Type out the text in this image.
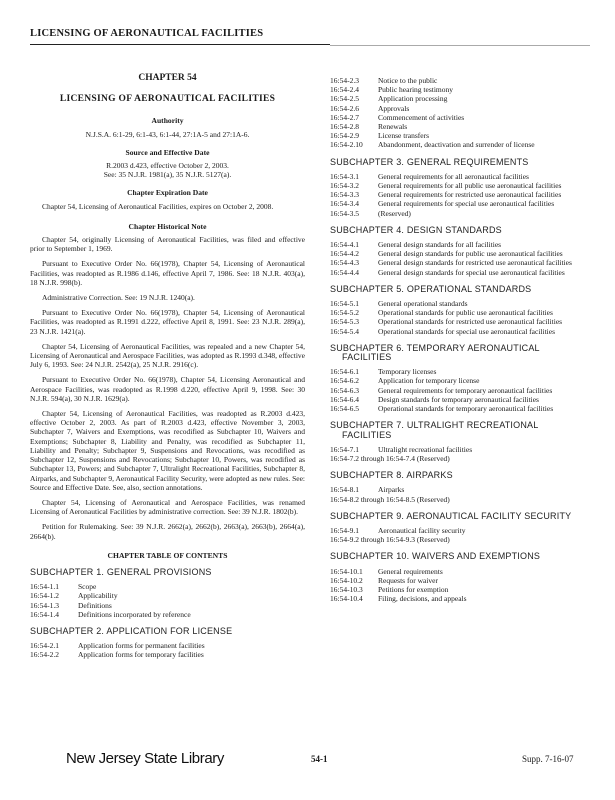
LICENSING OF AERONAUTICAL FACILITIES

CHAPTER 54

LICENSING OF AERONAUTICAL FACILITIES

Authority

N.J.S.A. 6:1-29, 6:1-43, 6:1-44, 27:1A-5 and 27:1A-6.

Source and Effective Date

R.2003 d.423, effective October 2, 2003.

See: 35 N.J.R. 1981(a), 35 N.J.R. 5127(a).

Chapter Expiration Date

Chapter 54, Licensing of Aeronautical Facilities, expires on October 2, 2008.

Chapter Historical Note

Chapter 54, originally Licensing of Aeronautical Facilities, was filed and effective prior to September 1, 1969.

Pursuant to Executive Order No. 66(1978), Chapter 54, Licensing of Aeronautical Facilities, was readopted as R.1986 d.146, effective April 7, 1986. See: 18 N.J.R. 403(a), 18 N.J.R. 998(b).

Administrative Correction. See: 19 N.J.R. 1240(a).

Pursuant to Executive Order No. 66(1978), Chapter 54, Licensing of Aeronautical Facilities, was readopted as R.1991 d.222, effective April 8, 1991. See: 23 N.J.R. 289(a), 23 N.J.R. 1421(a).

Chapter 54, Licensing of Aeronautical Facilities, was repealed and a new Chapter 54, Licensing of Aeronautical and Aerospace Facilities, was adopted as R.1993 d.348, effective July 6, 1993. See: 24 N.J.R. 2542(a), 25 N.J.R. 2916(c).

Pursuant to Executive Order No. 66(1978), Chapter 54, Licensing Aeronautical and Aerospace Facilities, was readopted as R.1998 d.220, effective April 9, 1998. See: 30 N.J.R. 594(a), 30 N.J.R. 1629(a).

Chapter 54, Licensing of Aeronautical Facilities, was readopted as R.2003 d.423, effective October 2, 2003. As part of R.2003 d.423, effective November 3, 2003, Subchapter 7, Waivers and Exemptions, was recodified as Subchapter 10, Waivers and Exemptions; Subchapter 8, Liability and Penalty, was recodified as Subchapter 11, Liability and Penalty; Subchapter 9, Suspensions and Revocations, was recodified as Subchapter 12, Suspensions and Revocations; Subchapter 10, Powers, was recodified as Subchapter 13, Powers; and Subchapter 7, Ultralight Recreational Facilities, Subchapter 8, Airparks, and Subchapter 9, Aeronautical Facility Security, were adopted as new rules. See: Source and Effective Date. See, also, section annotations.

Chapter 54, Licensing of Aeronautical and Aerospace Facilities, was renamed Licensing of Aeronautical Facilities by administrative correction. See: 39 N.J.R. 1802(b).

Petition for Rulemaking. See: 39 N.J.R. 2662(a), 2662(b), 2663(a), 2663(b), 2664(a), 2664(b).

CHAPTER TABLE OF CONTENTS

SUBCHAPTER 1. GENERAL PROVISIONS

16:54-1.1	Scope
16:54-1.2	Applicability
16:54-1.3	Definitions
16:54-1.4	Definitions incorporated by reference

SUBCHAPTER 2. APPLICATION FOR LICENSE

16:54-2.1	Application forms for permanent facilities
16:54-2.2	Application forms for temporary facilities
16:54-2.3	Notice to the public
16:54-2.4	Public hearing testimony
16:54-2.5	Application processing
16:54-2.6	Approvals
16:54-2.7	Commencement of activities
16:54-2.8	Renewals
16:54-2.9	License transfers
16:54-2.10	Abandonment, deactivation and surrender of license

SUBCHAPTER 3. GENERAL REQUIREMENTS

16:54-3.1	General requirements for all aeronautical facilities
16:54-3.2	General requirements for all public use aeronautical facilities
16:54-3.3	General requirements for restricted use aeronautical facilities
16:54-3.4	General requirements for special use aeronautical facilities
16:54-3.5	(Reserved)

SUBCHAPTER 4. DESIGN STANDARDS

16:54-4.1	General design standards for all facilities
16:54-4.2	General design standards for public use aeronautical facilities
16:54-4.3	General design standards for restricted use aeronautical facilities
16:54-4.4	General design standards for special use aeronautical facilities

SUBCHAPTER 5. OPERATIONAL STANDARDS

16:54-5.1	General operational standards
16:54-5.2	Operational standards for public use aeronautical facilities
16:54-5.3	Operational standards for restricted use aeronautical facilities
16:54-5.4	Operational standards for special use aeronautical facilities

SUBCHAPTER 6. TEMPORARY AERONAUTICAL
FACILITIES

16:54-6.1	Temporary licenses
16:54-6.2	Application for temporary license
16:54-6.3	General requirements for temporary aeronautical facilities
16:54-6.4	Design standards for temporary aeronautical facilities
16:54-6.5	Operational standards for temporary aeronautical facilities

SUBCHAPTER 7. ULTRALIGHT RECREATIONAL
FACILITIES

16:54-7.1	Ultralight recreational facilities

16:54-7.2 through 16:54-7.4 (Reserved)

SUBCHAPTER 8. AIRPARKS

16:54-8.1	Airparks

16:54-8.2 through 16:54-8.5 (Reserved)

SUBCHAPTER 9. AERONAUTICAL FACILITY SECURITY

16:54-9.1	Aeronautical facility security

16:54-9.2 through 16:54-9.3 (Reserved)

SUBCHAPTER 10. WAIVERS AND EXEMPTIONS

16:54-10.1	General requirements
16:54-10.2	Requests for waiver
16:54-10.3	Petitions for exemption
16:54-10.4	Filing, decisions, and appeals
New Jersey State Library	54-1	Supp. 7-16-07
